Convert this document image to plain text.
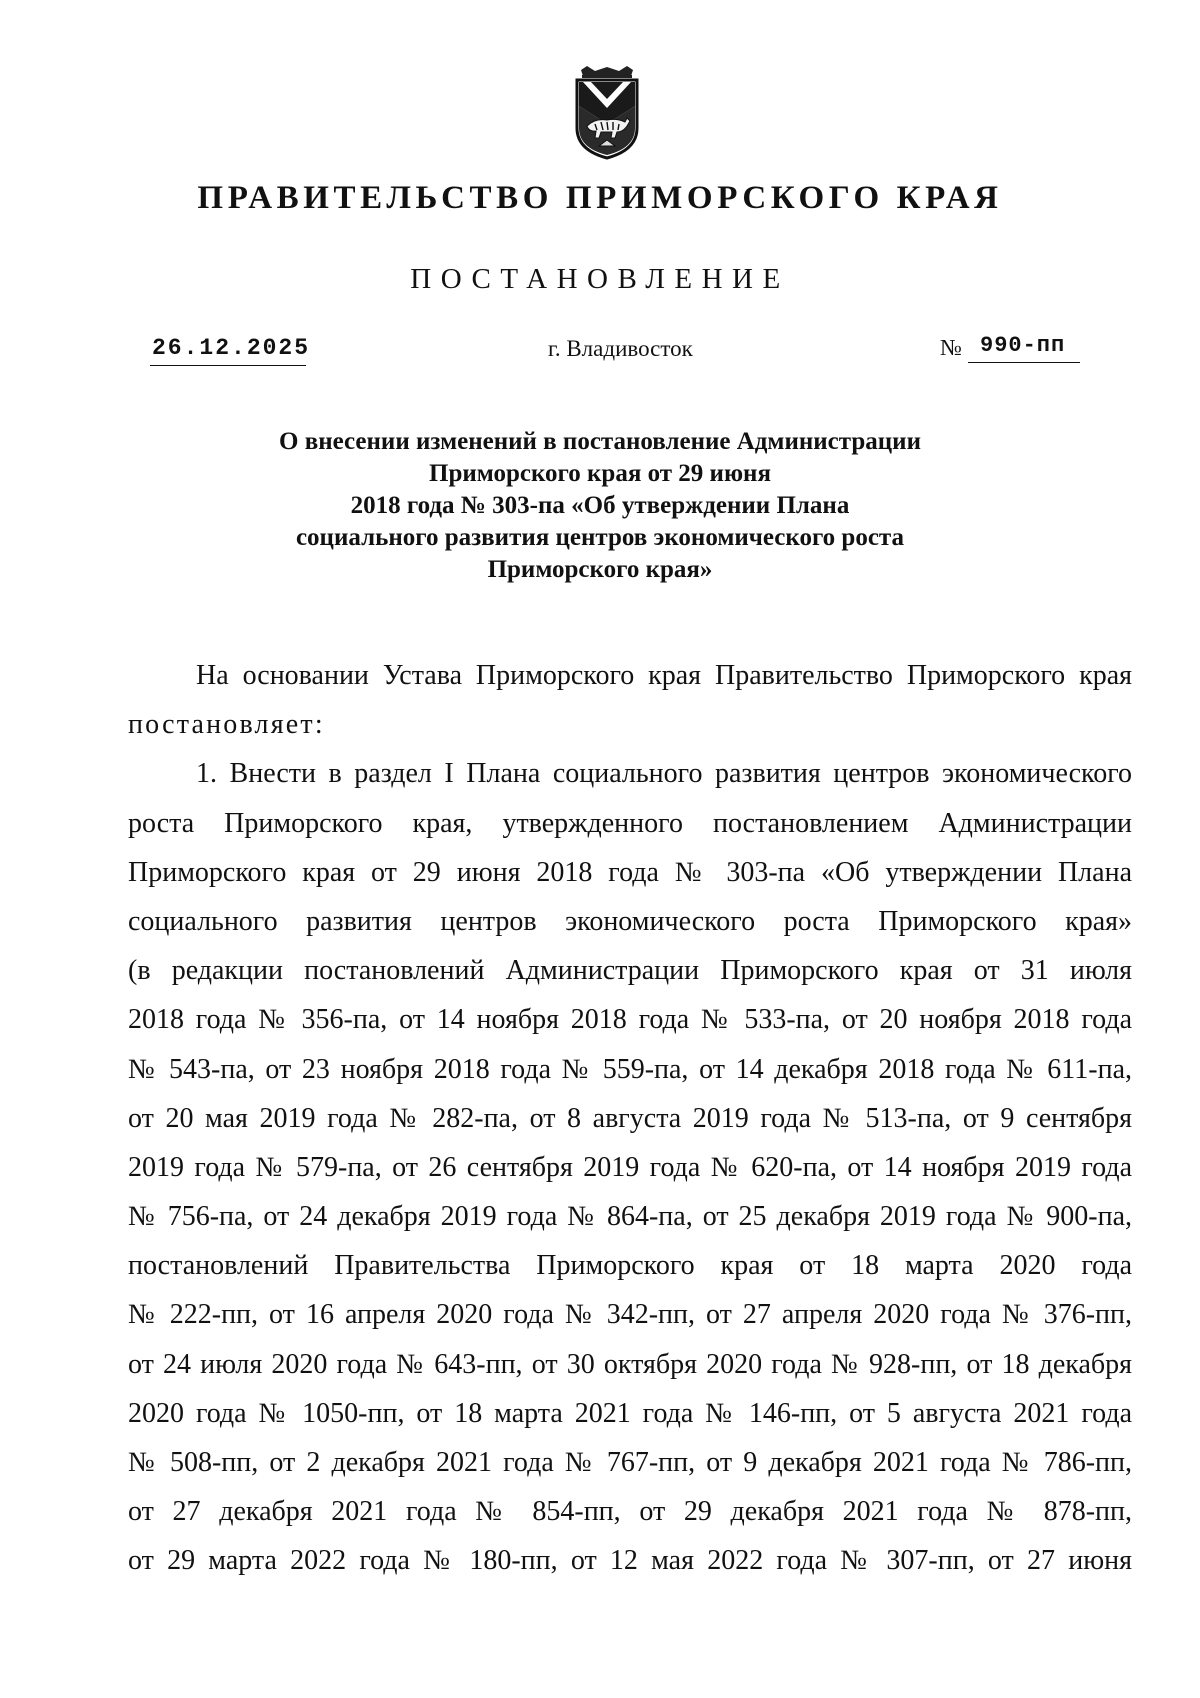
ПРАВИТЕЛЬСТВО ПРИМОРСКОГО КРАЯ
ПОСТАНОВЛЕНИЕ
26.12.2025	г. Владивосток	№ 990-пп
О внесении изменений в постановление Администрации
Приморского края от 29 июня
2018 года № 303-па «Об утверждении Плана
социального развития центров экономического роста
Приморского края»
На основании Устава Приморского края Правительство Приморского края
постановляет:
1. Внести в раздел I Плана социального развития центров экономического
роста Приморского края, утвержденного постановлением Администрации
Приморского края от 29 июня 2018 года № 303-па «Об утверждении Плана
социального развития центров экономического роста Приморского края»
(в редакции постановлений Администрации Приморского края от 31 июля
2018 года № 356-па, от 14 ноября 2018 года № 533-па, от 20 ноября 2018 года
№ 543-па, от 23 ноября 2018 года № 559-па, от 14 декабря 2018 года № 611-па,
от 20 мая 2019 года № 282-па, от 8 августа 2019 года № 513-па, от 9 сентября
2019 года № 579-па, от 26 сентября 2019 года № 620-па, от 14 ноября 2019 года
№ 756-па, от 24 декабря 2019 года № 864-па, от 25 декабря 2019 года № 900-па,
постановлений Правительства Приморского края от 18 марта 2020 года
№ 222-пп, от 16 апреля 2020 года № 342-пп, от 27 апреля 2020 года № 376-пп,
от 24 июля 2020 года № 643-пп, от 30 октября 2020 года № 928-пп, от 18 декабря
2020 года № 1050-пп, от 18 марта 2021 года № 146-пп, от 5 августа 2021 года
№ 508-пп, от 2 декабря 2021 года № 767-пп, от 9 декабря 2021 года № 786-пп,
от 27 декабря 2021 года № 854-пп, от 29 декабря 2021 года № 878-пп,
от 29 марта 2022 года № 180-пп, от 12 мая 2022 года № 307-пп, от 27 июня
